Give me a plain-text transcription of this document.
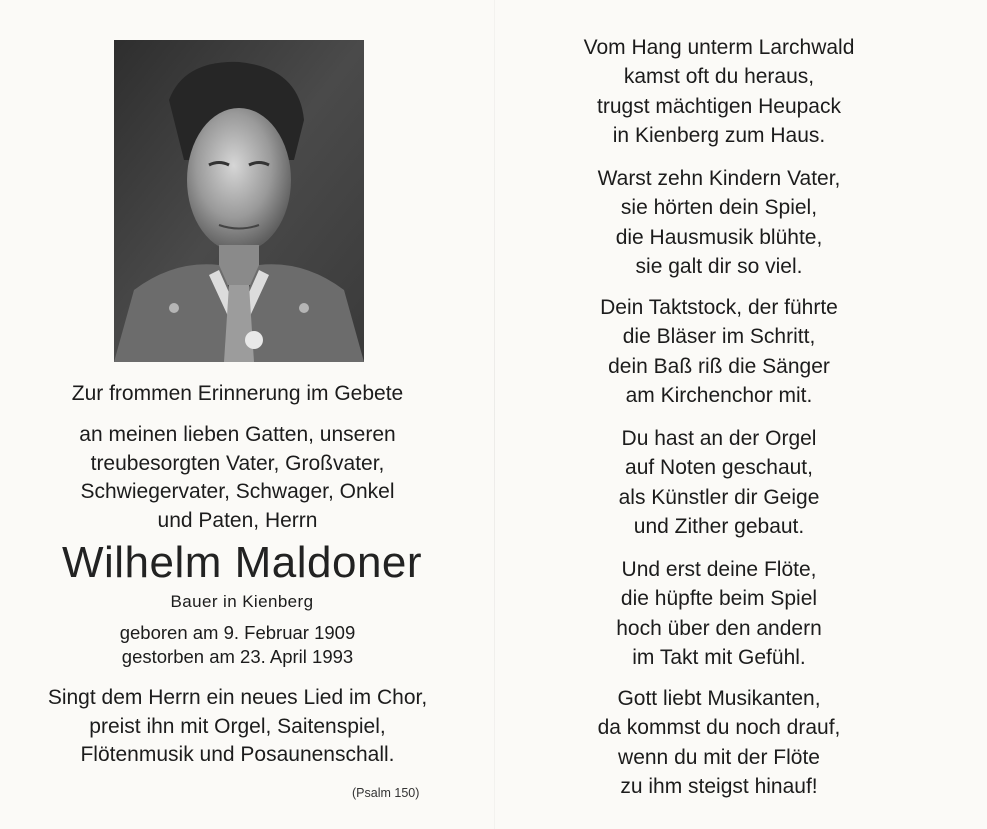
Zur frommen Erinnerung im Gebete
an meinen lieben Gatten, unseren
treubesorgten Vater, Großvater,
Schwiegervater, Schwager, Onkel
und Paten, Herrn
Wilhelm Maldoner
Bauer in Kienberg
geboren am 9. Februar 1909
gestorben am 23. April 1993
Singt dem Herrn ein neues Lied im Chor,
preist ihn mit Orgel, Saitenspiel,
Flötenmusik und Posaunenschall.
(Psalm 150)

Vom Hang unterm Larchwald

kamst oft du heraus,

trugst mächtigen Heupack

in Kienberg zum Haus.

Warst zehn Kindern Vater,

sie hörten dein Spiel,

die Hausmusik blühte,

sie galt dir so viel.

Dein Taktstock, der führte

die Bläser im Schritt,

dein Baß riß die Sänger

am Kirchenchor mit.

Du hast an der Orgel

auf Noten geschaut,

als Künstler dir Geige

und Zither gebaut.

Und erst deine Flöte,

die hüpfte beim Spiel

hoch über den andern

im Takt mit Gefühl.

Gott liebt Musikanten,

da kommst du noch drauf,

wenn du mit der Flöte

zu ihm steigst hinauf!
